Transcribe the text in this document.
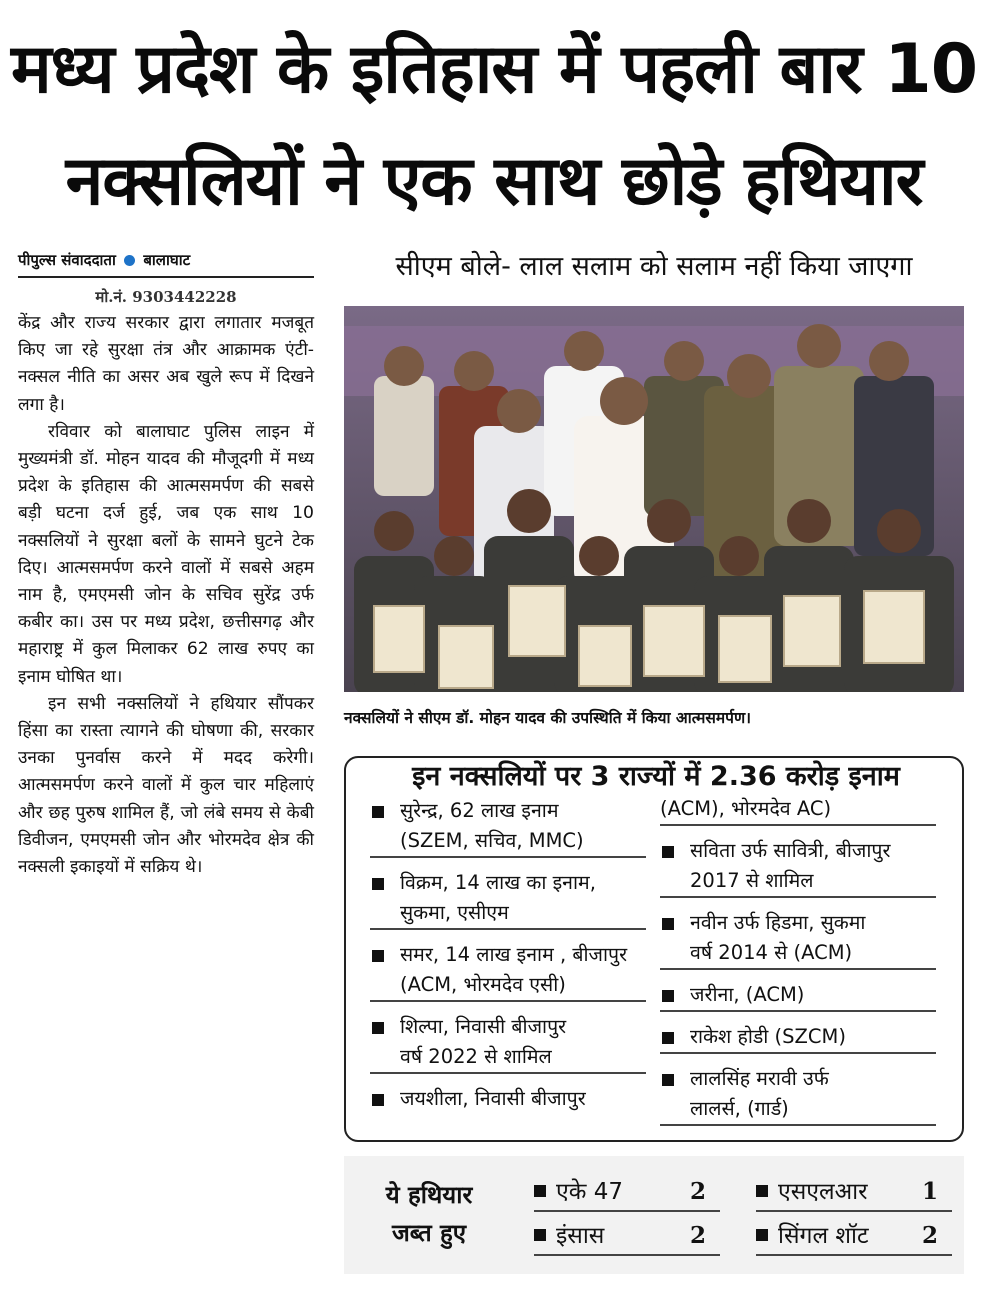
मध्य प्रदेश के इतिहास में पहली बार 10
नक्सलियों ने एक साथ छोड़े हथियार
पीपुल्स संवाददाता बालाघाट
मो.नं. 9303442228

केंद्र और राज्य सरकार द्वारा लगातार मजबूत किए जा रहे सुरक्षा तंत्र और आक्रामक एंटी-नक्सल नीति का असर अब खुले रूप में दिखने लगा है।

रविवार को बालाघाट पुलिस लाइन में मुख्यमंत्री डॉ. मोहन यादव की मौजूदगी में मध्य प्रदेश के इतिहास की आत्मसमर्पण की सबसे बड़ी घटना दर्ज हुई, जब एक साथ 10 नक्सलियों ने सुरक्षा बलों के सामने घुटने टेक दिए। आत्मसमर्पण करने वालों में सबसे अहम नाम है, एमएमसी जोन के सचिव सुरेंद्र उर्फ कबीर का। उस पर मध्य प्रदेश, छत्तीसगढ़ और महाराष्ट्र में कुल मिलाकर 62 लाख रुपए का इनाम घोषित था।

इन सभी नक्सलियों ने हथियार सौंपकर हिंसा का रास्ता त्यागने की घोषणा की, सरकार उनका पुनर्वास करने में मदद करेगी। आत्मसमर्पण करने वालों में कुल चार महिलाएं और छह पुरुष शामिल हैं, जो लंबे समय से केबी डिवीजन, एमएमसी जोन और भोरमदेव क्षेत्र की नक्सली इकाइयों में सक्रिय थे।

सीएम बोले- लाल सलाम को सलाम नहीं किया जाएगा
नक्सलियों ने सीएम डॉ. मोहन यादव की उपस्थिति में किया आत्मसमर्पण।
इन नक्सलियों पर 3 राज्यों में 2.36 करोड़ इनाम
सुरेन्द्र, 62 लाख इनाम
(SZEM, सचिव, MMC)
विक्रम, 14 लाख का इनाम,
सुकमा, एसीएम
समर, 14 लाख इनाम , बीजापुर
(ACM, भोरमदेव एसी)
शिल्पा, निवासी बीजापुर
वर्ष 2022 से शामिल
जयशीला, निवासी बीजापुर
(ACM), भोरमदेव AC)
सविता उर्फ सावित्री, बीजापुर
2017 से शामिल
नवीन उर्फ हिडमा, सुकमा
वर्ष 2014 से (ACM)
जरीना, (ACM)
राकेश होडी (SZCM)
लालसिंह मरावी उर्फ
लालर्स, (गार्ड)
ये हथियार
जब्त हुए
एके 47	2	एसएलआर 1
इंसास	2	सिंगल शॉट 2
